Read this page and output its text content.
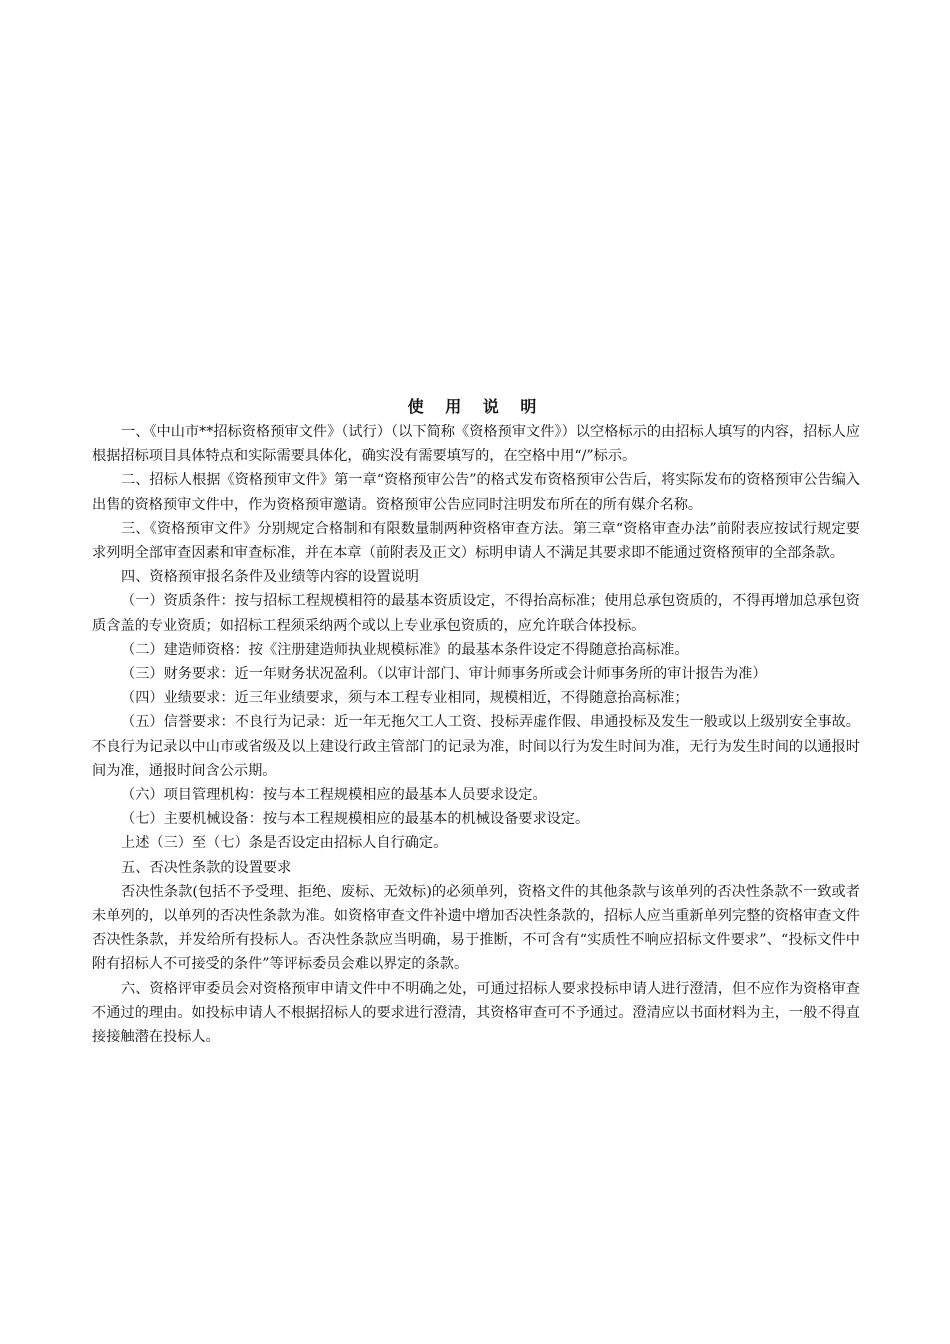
使 用 说 明

一、《中山市**招标资格预审文件》（试行）（以下简称《资格预审文件》）以空格标示的由招标人填写的内容，招标人应根据招标项目具体特点和实际需要具体化，确实没有需要填写的，在空格中用“/”标示。

二、招标人根据《资格预审文件》第一章“资格预审公告”的格式发布资格预审公告后，将实际发布的资格预审公告编入出售的资格预审文件中，作为资格预审邀请。资格预审公告应同时注明发布所在的所有媒介名称。

三、《资格预审文件》分别规定合格制和有限数量制两种资格审查方法。第三章“资格审查办法”前附表应按试行规定要求列明全部审查因素和审查标准，并在本章（前附表及正文）标明申请人不满足其要求即不能通过资格预审的全部条款。

四、资格预审报名条件及业绩等内容的设置说明

（一）资质条件：按与招标工程规模相符的最基本资质设定，不得抬高标准；使用总承包资质的，不得再增加总承包资质含盖的专业资质；如招标工程须采纳两个或以上专业承包资质的，应允许联合体投标。

（二）建造师资格：按《注册建造师执业规模标准》的最基本条件设定不得随意抬高标准。

（三）财务要求：近一年财务状况盈利。（以审计部门、审计师事务所或会计师事务所的审计报告为准）

（四）业绩要求：近三年业绩要求，须与本工程专业相同，规模相近，不得随意抬高标准；

（五）信誉要求：不良行为记录：近一年无拖欠工人工资、投标弄虚作假、串通投标及发生一般或以上级别安全事故。不良行为记录以中山市或省级及以上建设行政主管部门的记录为准，时间以行为发生时间为准，无行为发生时间的以通报时间为准，通报时间含公示期。

（六）项目管理机构：按与本工程规模相应的最基本人员要求设定。

（七）主要机械设备：按与本工程规模相应的最基本的机械设备要求设定。

上述（三）至（七）条是否设定由招标人自行确定。

五、否决性条款的设置要求

否决性条款(包括不予受理、拒绝、废标、无效标)的必须单列，资格文件的其他条款与该单列的否决性条款不一致或者未单列的，以单列的否决性条款为准。如资格审查文件补遗中增加否决性条款的，招标人应当重新单列完整的资格审查文件否决性条款，并发给所有投标人。否决性条款应当明确，易于推断，不可含有“实质性不响应招标文件要求”、“投标文件中附有招标人不可接受的条件”等评标委员会难以界定的条款。

六、资格评审委员会对资格预审申请文件中不明确之处，可通过招标人要求投标申请人进行澄清，但不应作为资格审查不通过的理由。如投标申请人不根据招标人的要求进行澄清，其资格审查可不予通过。澄清应以书面材料为主，一般不得直接接触潜在投标人。
